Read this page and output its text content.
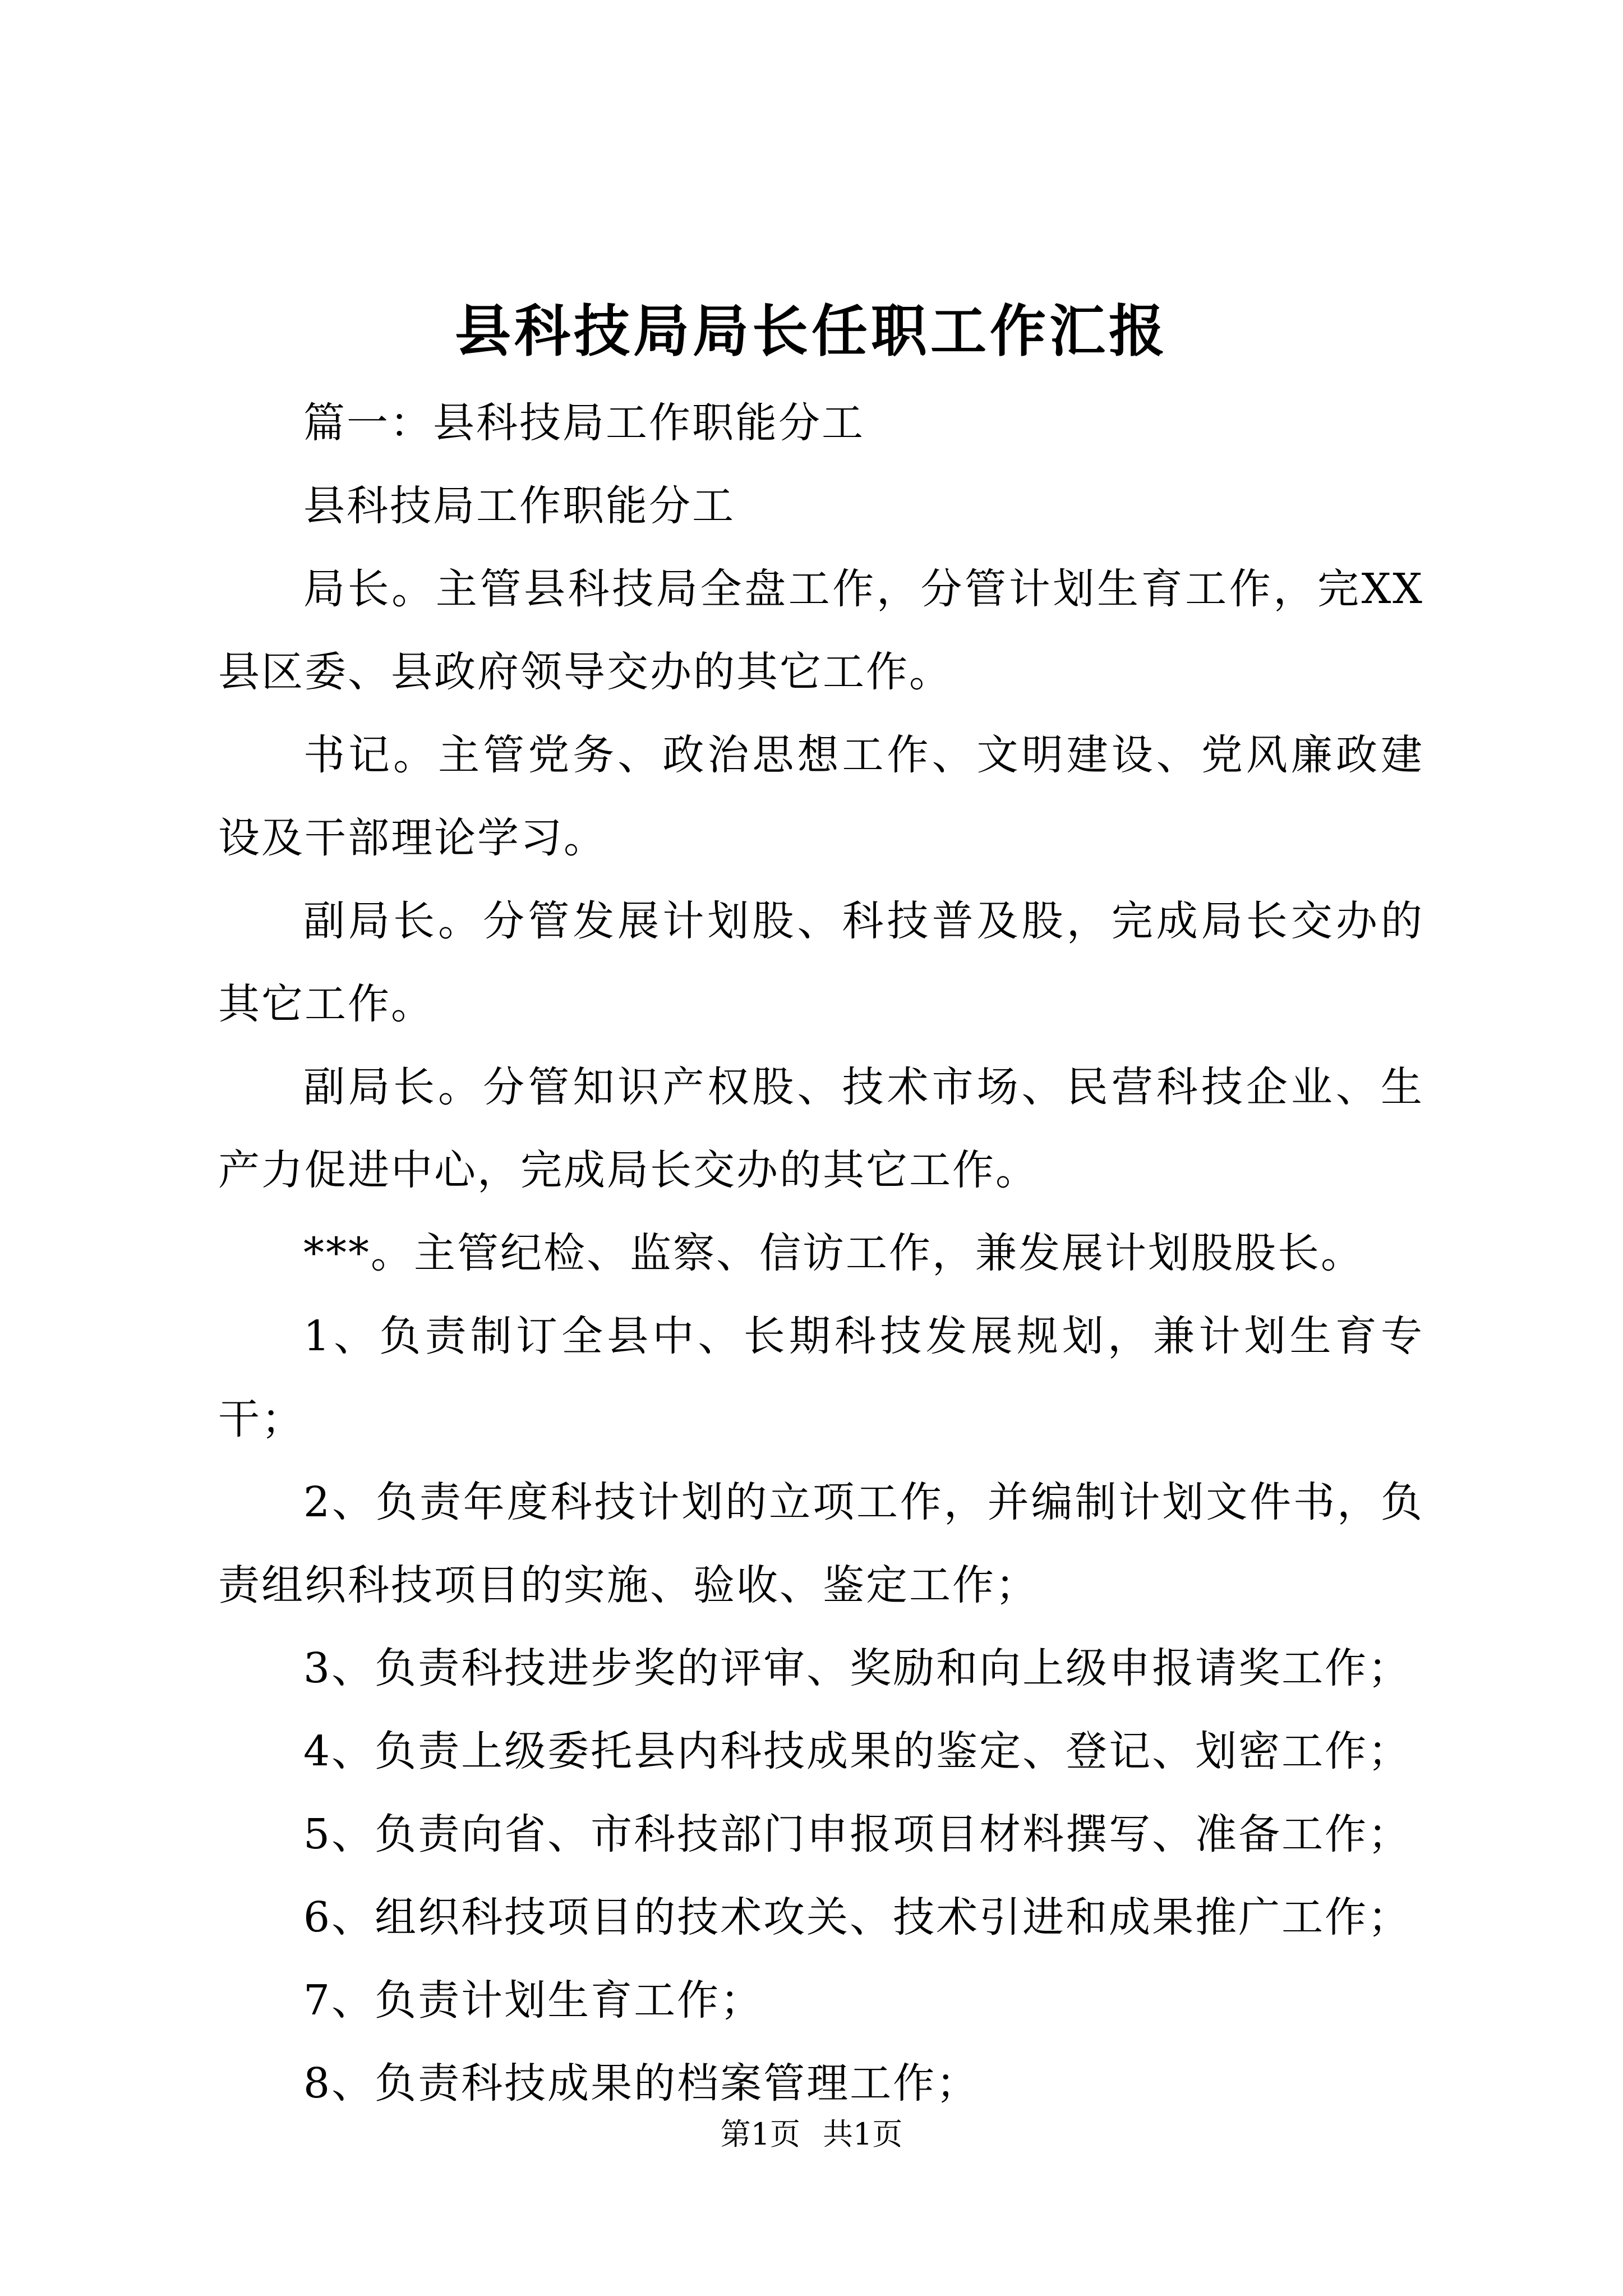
县科技局局长任职工作汇报

篇一：县科技局工作职能分工

县科技局工作职能分工

局长。主管县科技局全盘工作，分管计划生育工作，完XX县区委、县政府领导交办的其它工作。

书记。主管党务、政治思想工作、文明建设、党风廉政建设及干部理论学习。

副局长。分管发展计划股、科技普及股，完成局长交办的其它工作。

副局长。分管知识产权股、技术市场、民营科技企业、生产力促进中心，完成局长交办的其它工作。

***。主管纪检、监察、信访工作，兼发展计划股股长。

1、负责制订全县中、长期科技发展规划，兼计划生育专干；

2、负责年度科技计划的立项工作，并编制计划文件书，负责组织科技项目的实施、验收、鉴定工作；

3、负责科技进步奖的评审、奖励和向上级申报请奖工作；

4、负责上级委托县内科技成果的鉴定、登记、划密工作；

5、负责向省、市科技部门申报项目材料撰写、准备工作；

6、组织科技项目的技术攻关、技术引进和成果推广工作；

7、负责计划生育工作；

8、负责科技成果的档案管理工作；

第1页 共1页
